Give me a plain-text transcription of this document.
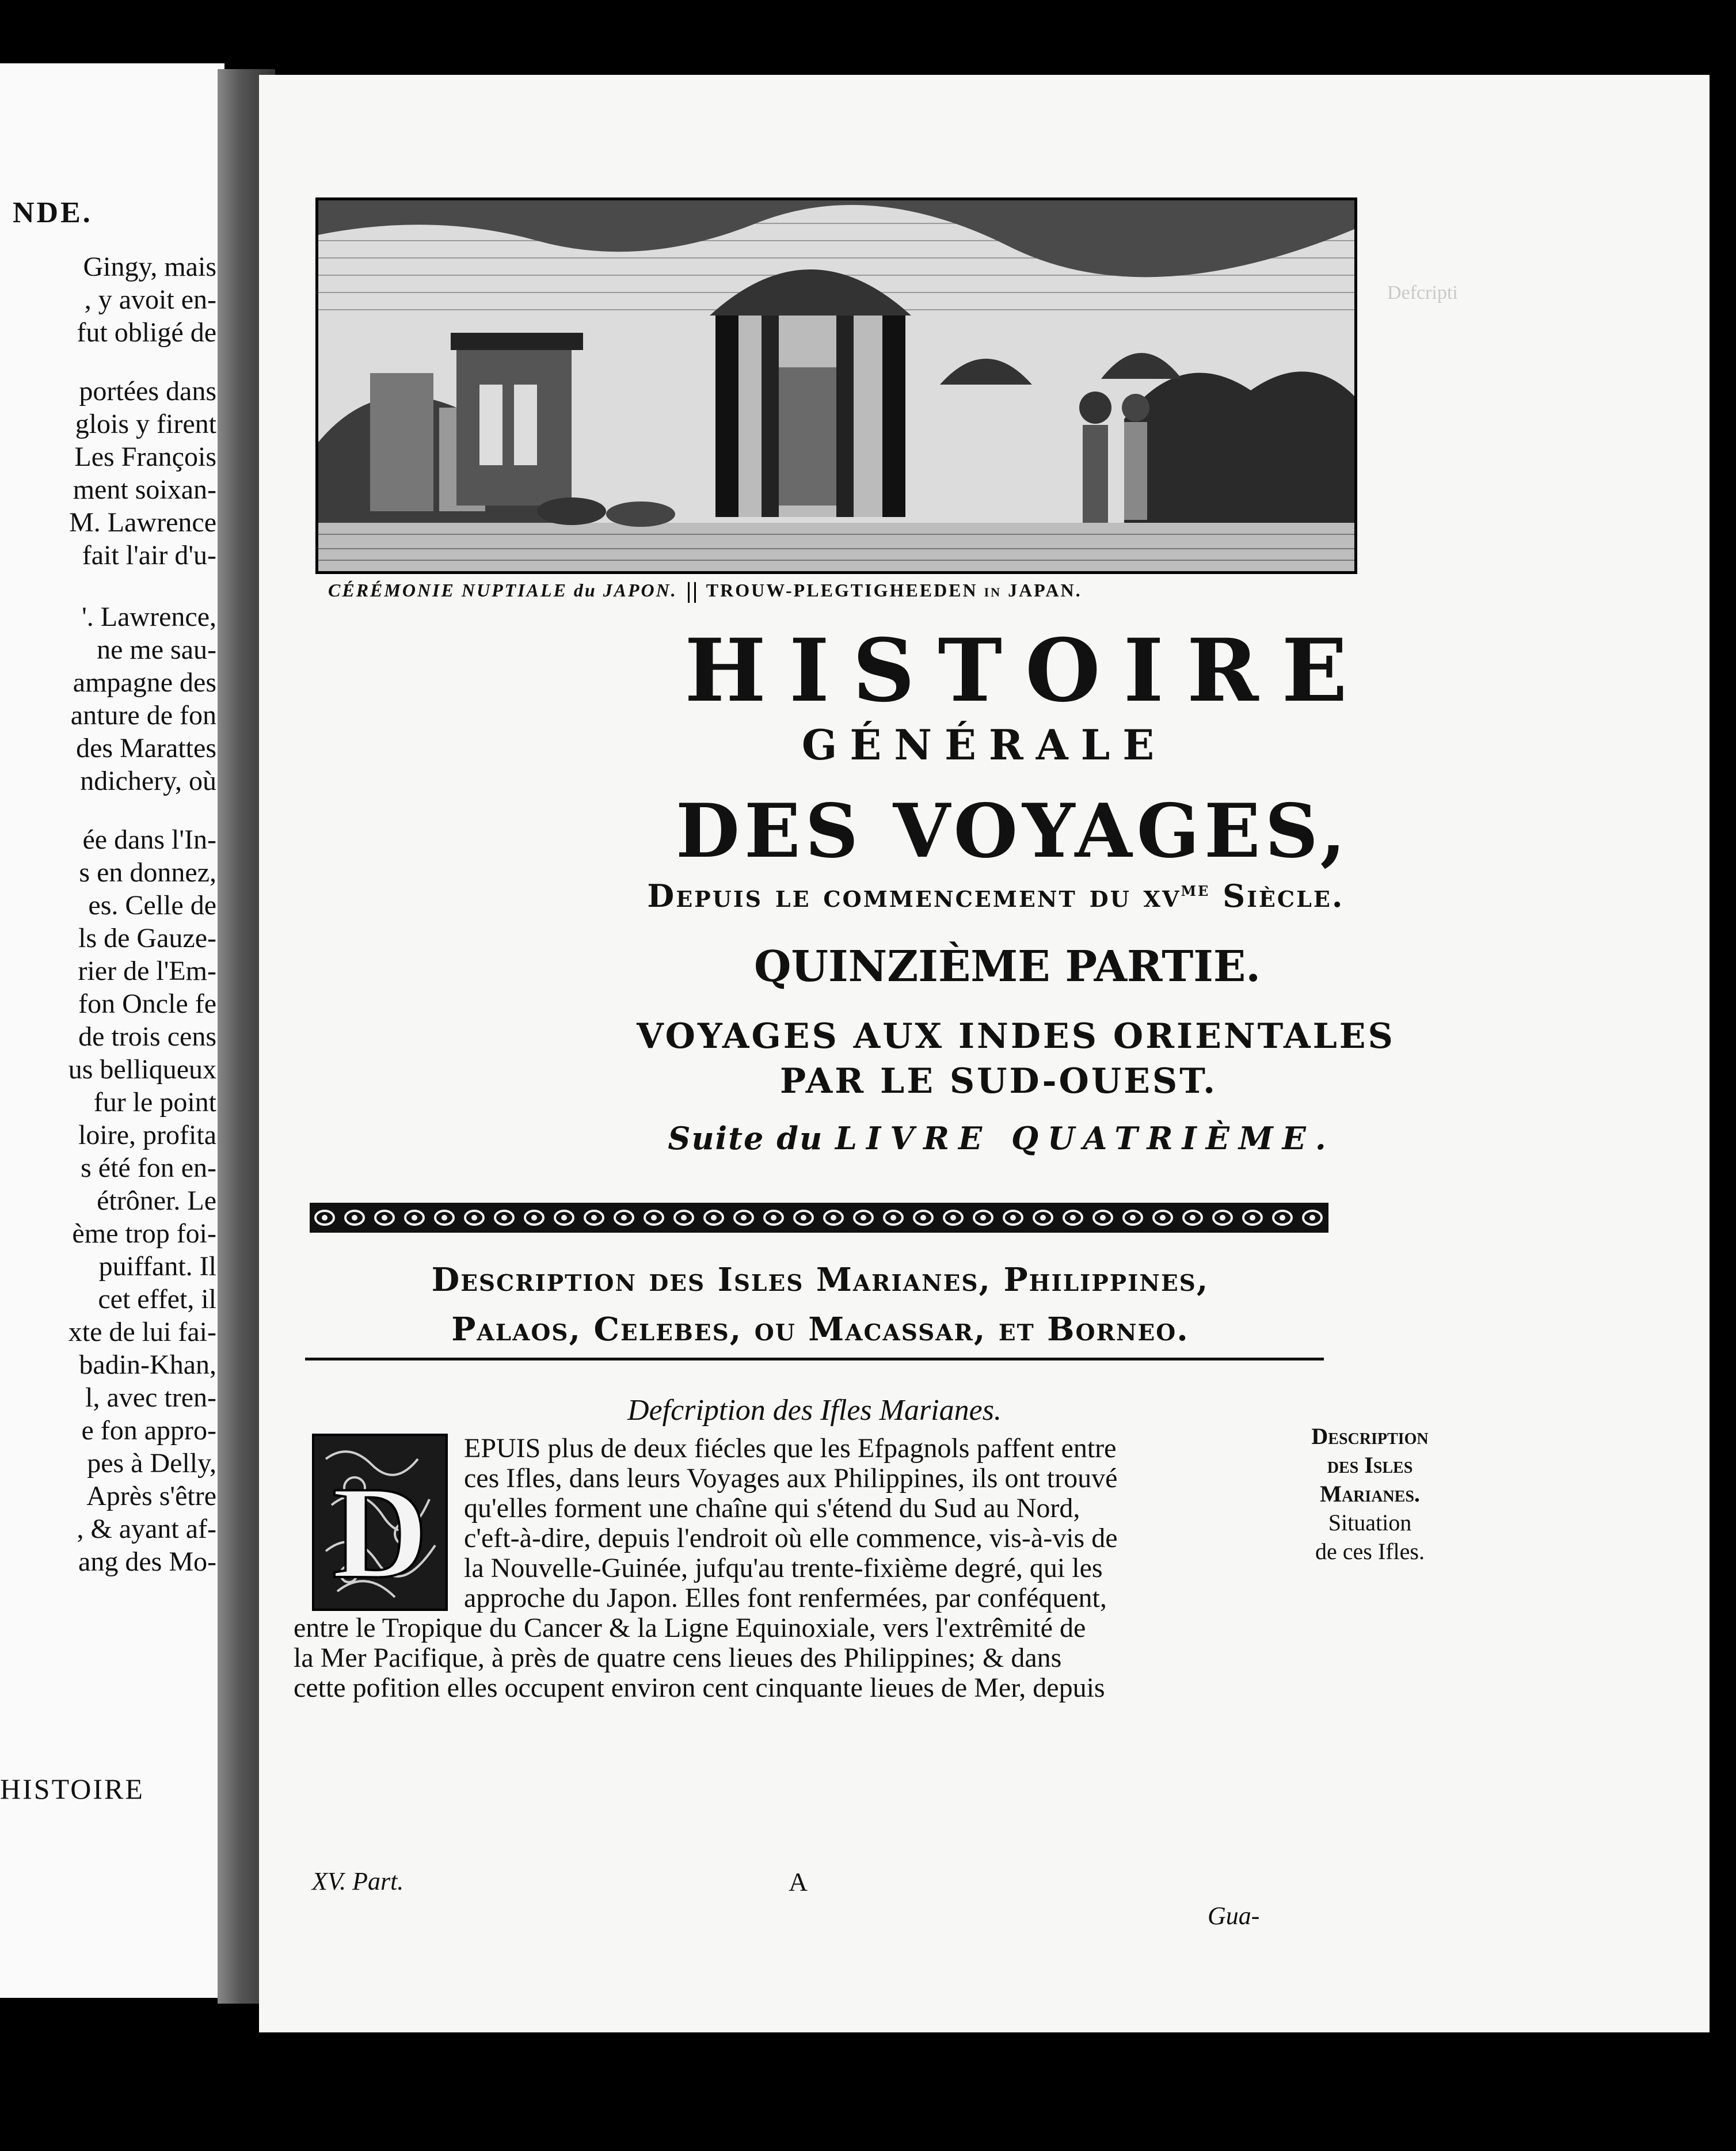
NDE.
Gingy, mais
, y avoit en-
fut obligé de
portées dans
glois y firent
Les François
ment soixan-
M. Lawrence
fait l'air d'u-
'. Lawrence,
ne me sau-
ampagne des
anture de fon
des Marattes
ndichery, où
ée dans l'In-
s en donnez,
es. Celle de
ls de Gauze-
rier de l'Em-
fon Oncle fe
de trois cens
us belliqueux
fur le point
loire, profita
s été fon en-
étrôner. Le
ème trop foi-
puiffant. Il
cet effet, il
xte de lui fai-
badin-Khan,
l, avec tren-
e fon appro-
pes à Delly,
Après s'être
, & ayant af-
ang des Mo-
HISTOIRE
Defcripti
CÉRÉMONIE NUPTIALE du JAPON. TROUW-PLEGTIGHEEDEN in JAPAN.
HISTOIRE
GÉNÉRALE
DES VOYAGES,
Depuis le commencement du $xv^{me}$ Siècle.
QUINZIÈME PARTIE.
VOYAGES AUX INDES ORIENTALES
PAR LE SUD-OUEST.
Suite du LIVRE QUATRIÈME.
Description des Isles Marianes, Philippines,
Palaos, Celebes, ou Macassar, et Borneo.
Defcription des Ifles Marianes.
D
EPUIS plus de deux fiécles que les Efpagnols paffent entre
ces Ifles, dans leurs Voyages aux Philippines, ils ont trouvé
qu'elles forment une chaîne qui s'étend du Sud au Nord,
c'eft-à-dire, depuis l'endroit où elle commence, vis-à-vis de
la Nouvelle-Guinée, jufqu'au trente-fixième degré, qui les
approche du Japon. Elles font renfermées, par conféquent,
entre le Tropique du Cancer & la Ligne Equinoxiale, vers l'extrêmité de
la Mer Pacifique, à près de quatre cens lieues des Philippines; & dans
cette pofition elles occupent environ cent cinquante lieues de Mer, depuis
Description
des Isles
Marianes.
Situation
de ces Ifles.
XV. Part.	A
Gua-
